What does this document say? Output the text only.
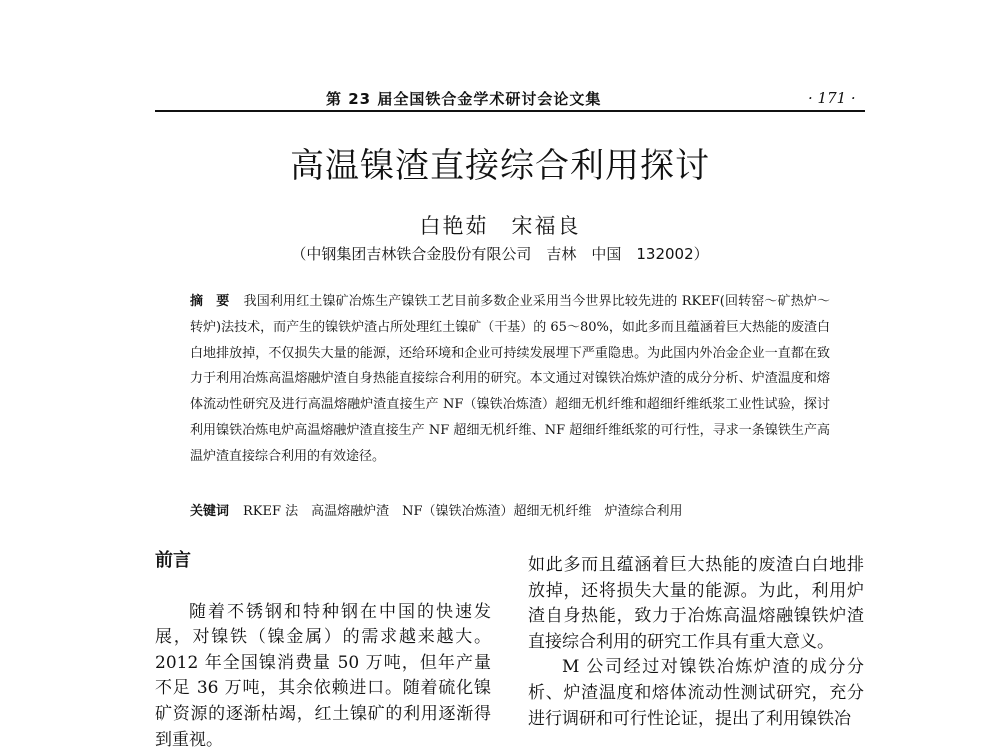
第 23 届全国铁合金学术研讨会论文集	· 171 ·
高温镍渣直接综合利用探讨
白艳茹　宋福良
（中钢集团吉林铁合金股份有限公司　吉林　中国　132002）
摘　要 我国利用红土镍矿冶炼生产镍铁工艺目前多数企业采用当今世界比较先进的 RKEF(回转窑～矿热炉～转炉)法技术，而产生的镍铁炉渣占所处理红土镍矿（干基）的 65～80%，如此多而且蕴涵着巨大热能的废渣白白地排放掉，不仅损失大量的能源，还给环境和企业可持续发展埋下严重隐患。为此国内外冶金企业一直都在致力于利用冶炼高温熔融炉渣自身热能直接综合利用的研究。本文通过对镍铁冶炼炉渣的成分分析、炉渣温度和熔体流动性研究及进行高温熔融炉渣直接生产 NF（镍铁冶炼渣）超细无机纤维和超细纤维纸浆工业性试验，探讨利用镍铁冶炼电炉高温熔融炉渣直接生产 NF 超细无机纤维、NF 超细纤维纸浆的可行性，寻求一条镍铁生产高温炉渣直接综合利用的有效途径。
关键词 RKEF 法　高温熔融炉渣　NF（镍铁冶炼渣）超细无机纤维　炉渣综合利用
前言

随着不锈钢和特种钢在中国的快速发展，对镍铁（镍金属）的需求越来越大。2012 年全国镍消费量 50 万吨，但年产量不足 36 万吨，其余依赖进口。随着硫化镍矿资源的逐渐枯竭，红土镍矿的利用逐渐得到重视。

如此多而且蕴涵着巨大热能的废渣白白地排放掉，还将损失大量的能源。为此，利用炉渣自身热能，致力于冶炼高温熔融镍铁炉渣直接综合利用的研究工作具有重大意义。

M 公司经过对镍铁冶炼炉渣的成分分析、炉渣温度和熔体流动性测试研究，充分进行调研和可行性论证，提出了利用镍铁冶
